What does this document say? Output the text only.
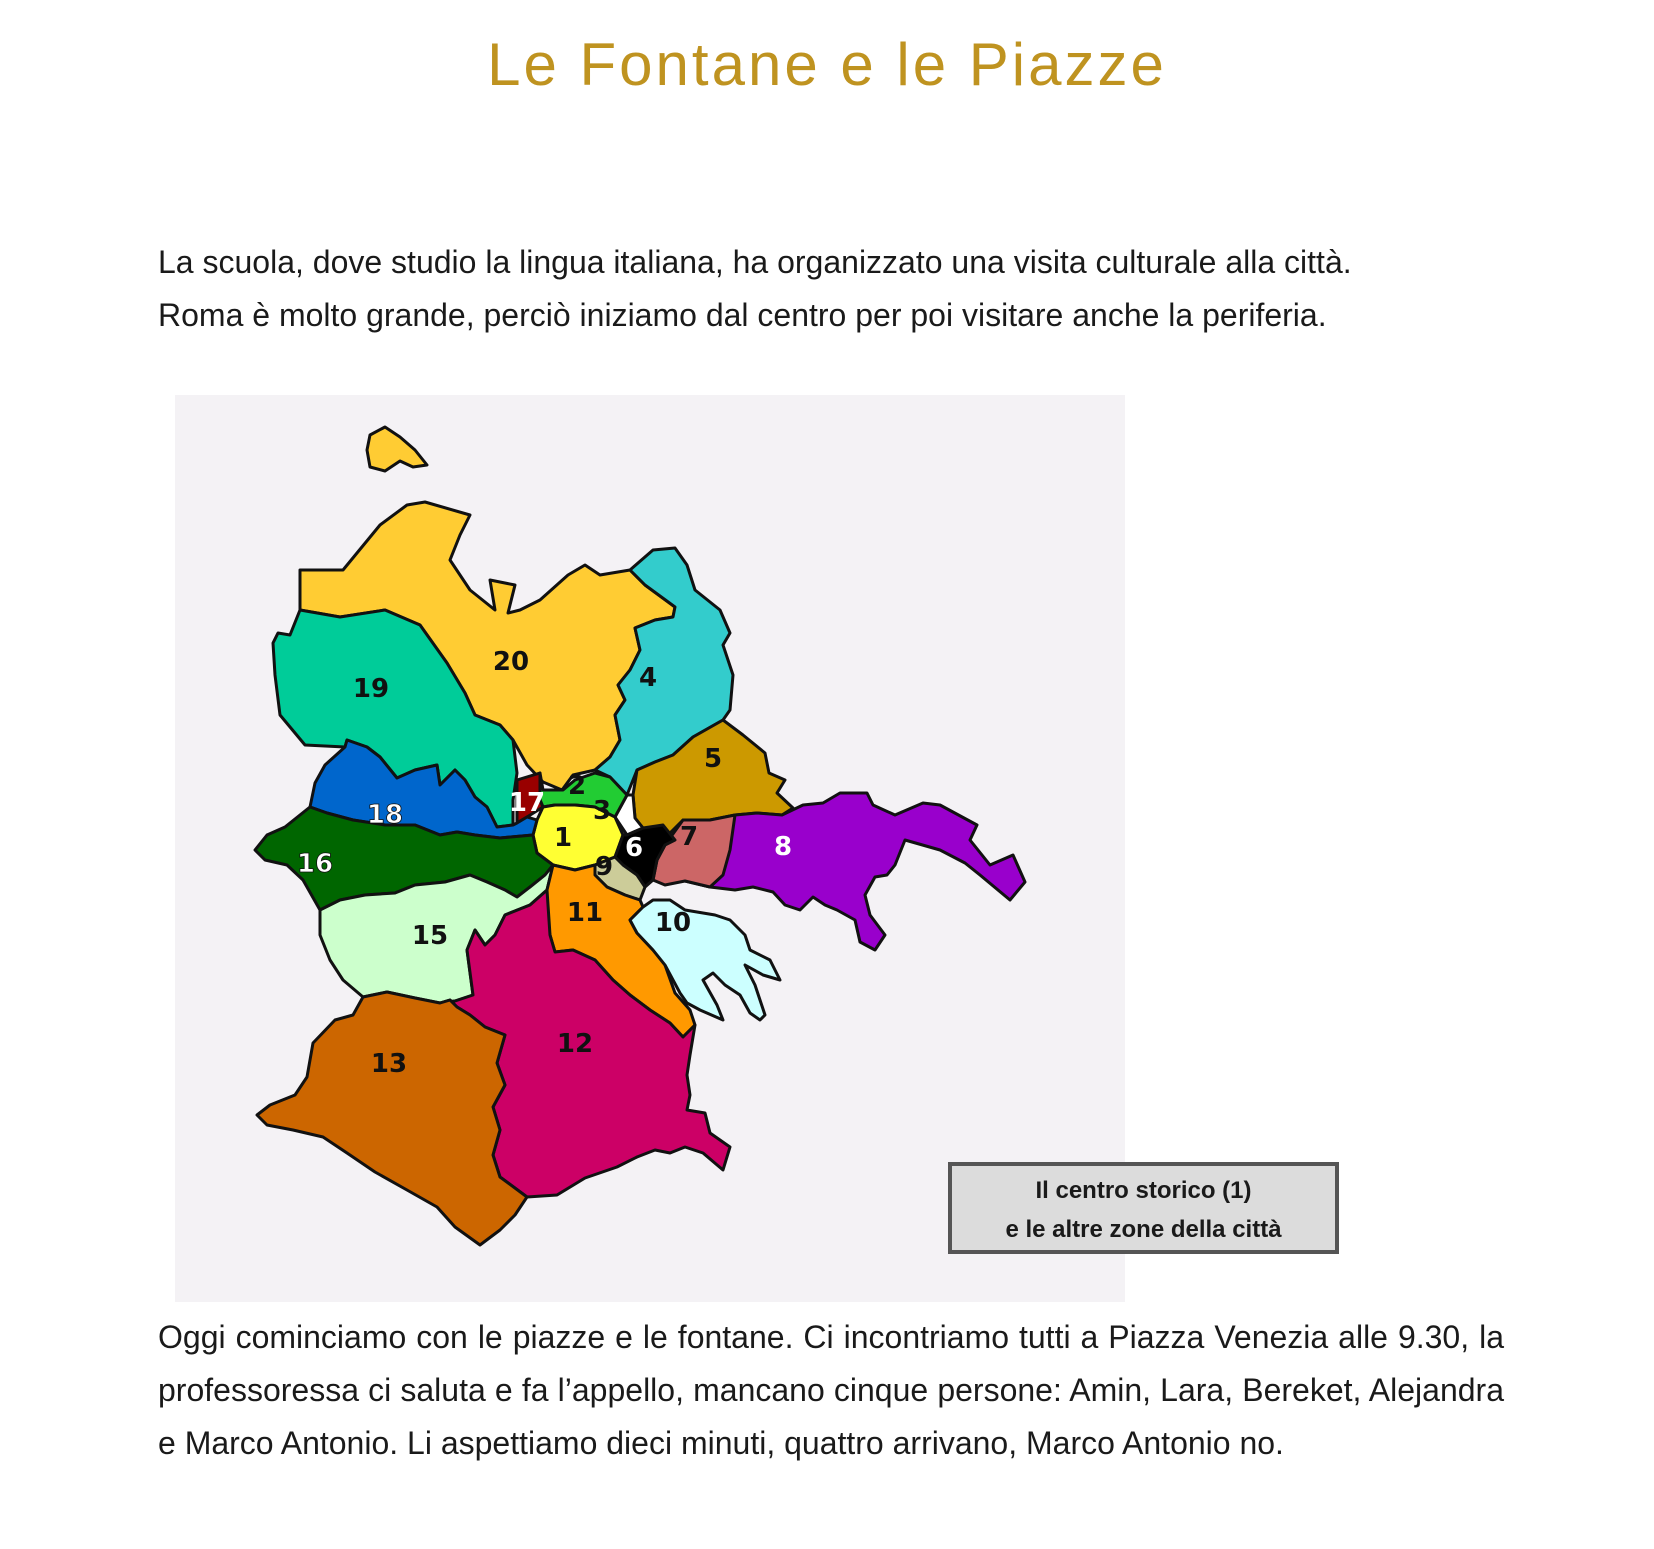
Le Fontane e le Piazze

La scuola, dove studio la lingua italiana, ha organizzato una visita culturale alla città.
Roma è molto grande, perciò iniziamo dal centro per poi visitare anche la periferia.

1
2
3
4
5
6 7	8
9
10
11
12
13
15
16
17
18
19
20
Il centro storico (1)
e le altre zone della città

Oggi cominciamo con le piazze e le fontane. Ci incontriamo tutti a Piazza Venezia alle 9.30, la professoressa ci saluta e fa l’appello, mancano cinque persone: Amin, Lara, Bereket, Alejandra e Marco Antonio. Li aspettiamo dieci minuti, quattro arrivano, Marco Antonio no.
